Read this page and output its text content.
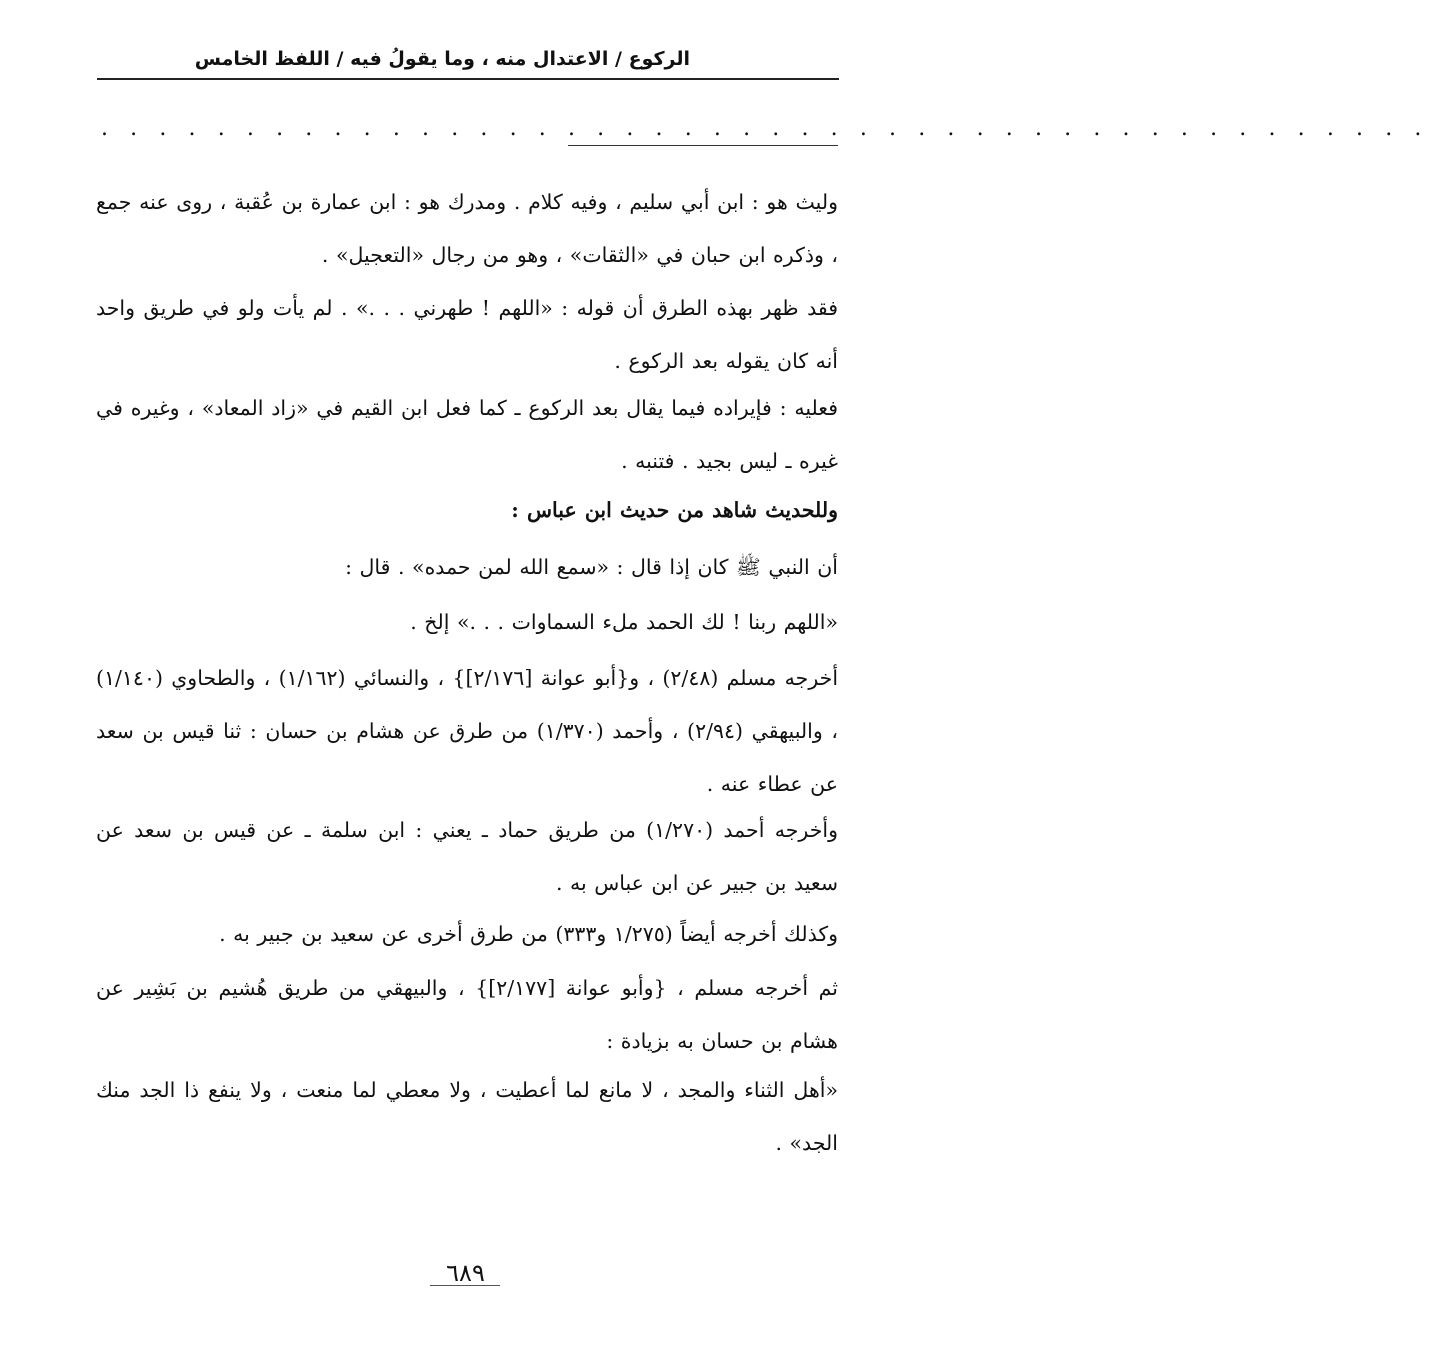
الركوع / الاعتدال منه ، وما يقولُ فيه / اللفظ الخامس
. . . . . . . . . . . . . . . . . . . . . . . . . . . . . . . . . . . . . . . . . . . . . .
وليث هو : ابن أبي سليم ، وفيه كلام . ومدرك هو : ابن عمارة بن عُقبة ، روى عنه جمع ، وذكره ابن حبان في «الثقات» ، وهو من رجال «التعجيل» .
فقد ظهر بهذه الطرق أن قوله : «اللهم ! طهرني . . .» . لم يأت ولو في طريق واحد أنه كان يقوله بعد الركوع .
فعليه : فإيراده فيما يقال بعد الركوع ـ كما فعل ابن القيم في «زاد المعاد» ، وغيره في غيره ـ ليس بجيد . فتنبه .
وللحديث شاهد من حديث ابن عباس :
أن النبي ﷺ كان إذا قال : «سمع الله لمن حمده» . قال :
«اللهم ربنا ! لك الحمد ملء السماوات . . .» إلخ .
أخرجه مسلم (٢/٤٨) ، و{أبو عوانة [٢/١٧٦]} ، والنسائي (١/١٦٢) ، والطحاوي (١/١٤٠) ، والبيهقي (٢/٩٤) ، وأحمد (١/٣٧٠) من طرق عن هشام بن حسان : ثنا قيس بن سعد عن عطاء عنه .
وأخرجه أحمد (١/٢٧٠) من طريق حماد ـ يعني : ابن سلمة ـ عن قيس بن سعد عن سعيد بن جبير عن ابن عباس به .
وكذلك أخرجه أيضاً (١/٢٧٥ و٣٣٣) من طرق أخرى عن سعيد بن جبير به .
ثم أخرجه مسلم ، {وأبو عوانة [٢/١٧٧]} ، والبيهقي من طريق هُشيم بن بَشِير عن هشام بن حسان به بزيادة :
«أهل الثناء والمجد ، لا مانع لما أعطيت ، ولا معطي لما منعت ، ولا ينفع ذا الجد منك الجد» .
٦٨٩
